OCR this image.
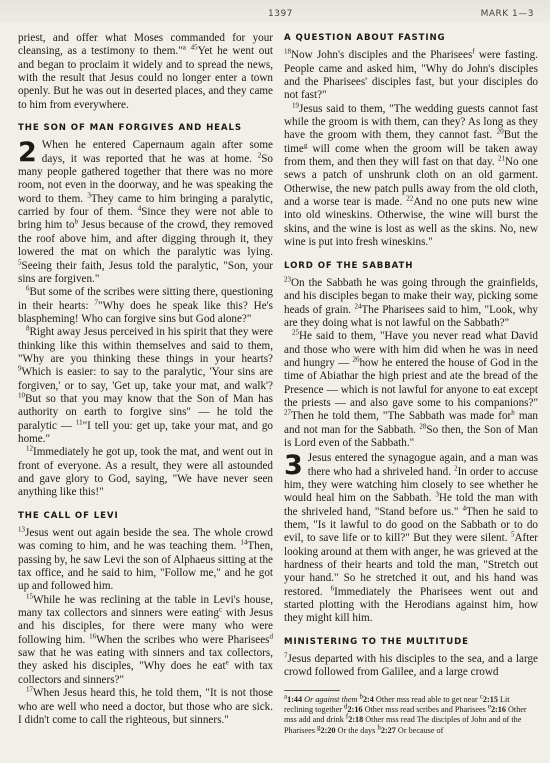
1397	MARK 1—3

priest, and offer what Moses commanded for your cleansing, as a testimony to them."$^a$ $^{45}$Yet he went out and began to proclaim it widely and to spread the news, with the result that Jesus could no longer enter a town openly. But he was out in deserted places, and they came to him from everywhere.

THE SON OF MAN FORGIVES AND HEALS

2 When he entered Capernaum again after some days, it was reported that he was at home. $^2$So many people gathered together that there was no more room, not even in the doorway, and he was speaking the word to them. $^3$They came to him bringing a paralytic, carried by four of them. $^4$Since they were not able to bring him $to^b$ Jesus because of the crowd, they removed the roof above him, and after digging through it, they lowered the mat on which the paralytic was lying. $^5$Seeing their faith, Jesus told the paralytic, "Son, your sins are forgiven."

$^6$But some of the scribes were sitting there, questioning in their hearts: $^7$"Why does he speak like this? He's blaspheming! Who can forgive sins but God alone?"

$^8$Right away Jesus perceived in his spirit that they were thinking like this within themselves and said to them, "Why are you thinking these things in your hearts?$^9$Which is easier: to say to the paralytic, 'Your sins are forgiven,' or to say, 'Get up, take your mat, and walk'? $^{10}$But so that you may know that the Son of Man has authority on earth to forgive sins" — he told the paralytic — $^{11}$"I tell you: get up, take your mat, and go home."

$^{12}$Immediately he got up, took the mat, and went out in front of everyone. As a result, they were all astounded and gave glory to God, saying, "We have never seen anything like this!"

THE CALL OF LEVI

$^{13}$Jesus went out again beside the sea. The whole crowd was coming to him, and he was teaching them. $^{14}$Then, passing by, he saw Levi the son of Alphaeus sitting at the tax office, and he said to him, "Follow me," and he got up and followed him.

$^{15}$While he was reclining at the table in Levi's house, many tax collectors and sinners were eating$^c$ with Jesus and his disciples, for there were many who were following him. $^{16}$When the scribes who were Pharisees$^d$ saw that he was eating with sinners and tax collectors, they asked his disciples, "Why does he eat$^e$ with tax collectors and sinners?"

$^{17}$When Jesus heard this, he told them, "It is not those who are well who need a doctor, but those who are sick. I didn't come to call the righteous, but sinners."

A QUESTION ABOUT FASTING

$^{18}$Now John's disciples and the Pharisees$^f$ were fasting. People came and asked him, "Why do John's disciples and the Pharisees' disciples fast, but your disciples do not fast?"

$^{19}$Jesus said to them, "The wedding guests cannot fast while the groom is with them, can they? As long as they have the groom with them, they cannot fast. $^{20}$But the time$^g$ will come when the groom will be taken away from them, and then they will fast on that day. $^{21}$No one sews a patch of unshrunk cloth on an old garment. Otherwise, the new patch pulls away from the old cloth, and a worse tear is made. $^{22}$And no one puts new wine into old wineskins. Otherwise, the wine will burst the skins, and the wine is lost as well as the skins. No, new wine is put into fresh wineskins."

LORD OF THE SABBATH

$^{23}$On the Sabbath he was going through the grainfields, and his disciples began to make their way, picking some heads of grain. $^{24}$The Pharisees said to him, "Look, why are they doing what is not lawful on the Sabbath?"

$^{25}$He said to them, "Have you never read what David and those who were with him did when he was in need and hungry — $^{26}$how he entered the house of God in the time of Abiathar the high priest and ate the bread of the Presence — which is not lawful for anyone to eat except the priests — and also gave some to his companions?" $^{27}$Then he told them, "The Sabbath was made for$^h$ man and not man for the Sabbath. $^{28}$So then, the Son of Man is Lord even of the Sabbath."

3 Jesus entered the synagogue again, and a man was there who had a shriveled hand. $^2$In order to accuse him, they were watching him closely to see whether he would heal him on the Sabbath. $^3$He told the man with the shriveled hand, "Stand before us." $^4$Then he said to them, "Is it lawful to do good on the Sabbath or to do evil, to save life or to kill?" But they were silent. $^5$After looking around at them with anger, he was grieved at the hardness of their hearts and told the man, "Stretch out your hand." So he stretched it out, and his hand was restored. $^6$Immediately the Pharisees went out and started plotting with the Herodians against him, how they might kill him.

MINISTERING TO THE MULTITUDE

$^7$Jesus departed with his disciples to the sea, and a large crowd followed from Galilee, and a large crowd

$^a$1:44 Or against them $^b$2:4 Other mss read able to get near $^c$2:15 Lit reclining together $^d$2:16 Other mss read scribes and Pharisees $^e$2:16 Other mss add and drink $^f$2:18 Other mss read The disciples of John and of the Pharisees $^g$2:20 Or the days $^h$2:27 Or because of
